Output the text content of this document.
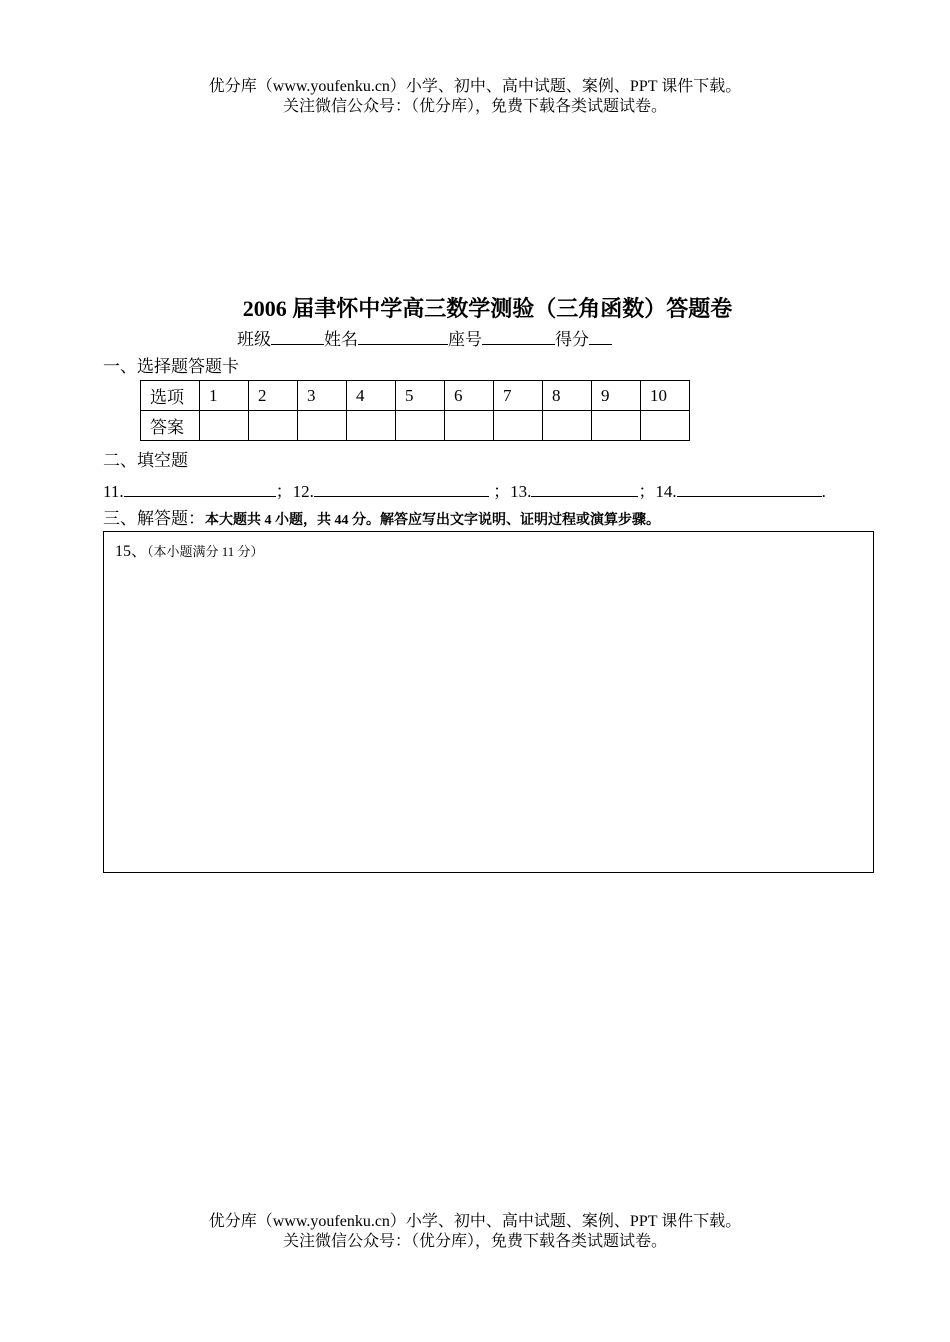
优分库（www.youfenku.cn）小学、初中、高中试题、案例、PPT 课件下载。
关注微信公众号：（优分库），免费下载各类试题试卷。
2006 届聿怀中学高三数学测验（三角函数）答题卷
班级	姓名	座号	得分
一、选择题答题卡
选项	1	2	3	4	5	6	7	8	9	10
答案										
二、填空题
11.	；12.	；13.	；14.	.
三、解答题：本大题共 4 小题，共 44 分。解答应写出文字说明、证明过程或演算步骤。
15、（本小题满分 11 分）
优分库（www.youfenku.cn）小学、初中、高中试题、案例、PPT 课件下载。
关注微信公众号：（优分库），免费下载各类试题试卷。
